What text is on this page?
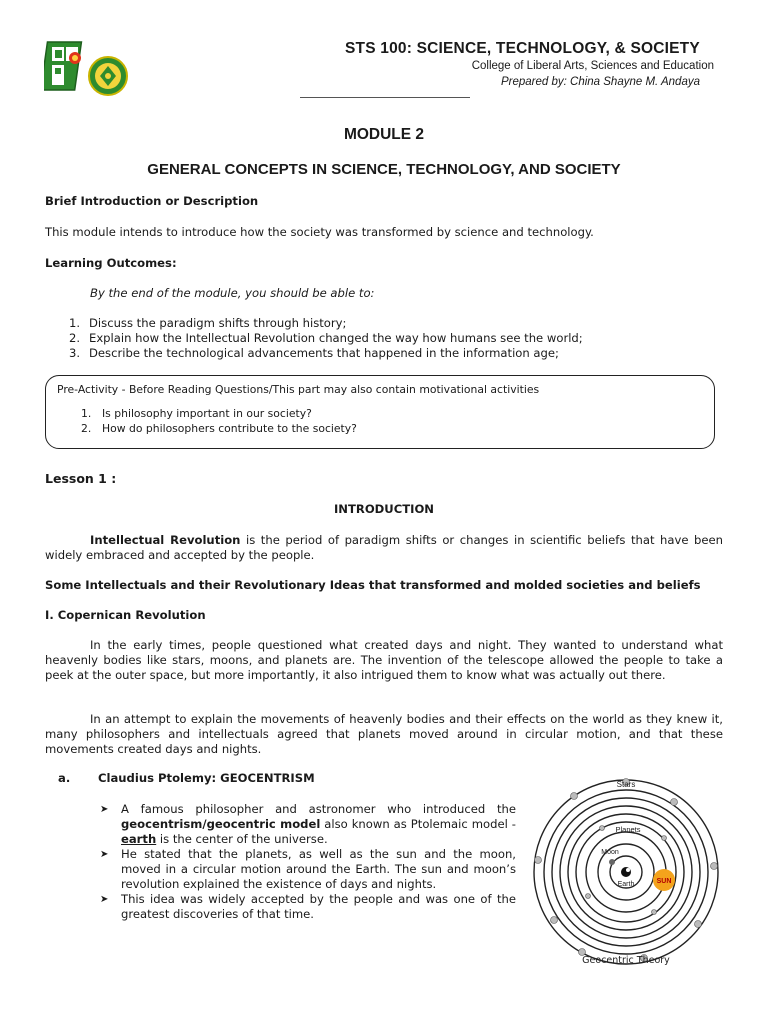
STS 100: SCIENCE, TECHNOLOGY, & SOCIETY
College of Liberal Arts, Sciences and Education
Prepared by: China Shayne M. Andaya
MODULE 2
GENERAL CONCEPTS IN SCIENCE, TECHNOLOGY, AND SOCIETY
Brief Introduction or Description
This module intends to introduce how the society was transformed by science and technology.
Learning Outcomes:
By the end of the module, you should be able to:
1. Discuss the paradigm shifts through history;
2. Explain how the Intellectual Revolution changed the way how humans see the world;
3. Describe the technological advancements that happened in the information age;
Pre-Activity - Before Reading Questions/This part may also contain motivational activities
1. Is philosophy important in our society?
2. How do philosophers contribute to the society?
Lesson 1 :
INTRODUCTION
Intellectual Revolution is the period of paradigm shifts or changes in scientific beliefs that have been widely embraced and accepted by the people.
Some Intellectuals and their Revolutionary Ideas that transformed and molded societies and beliefs
I. Copernican Revolution
In the early times, people questioned what created days and night. They wanted to understand what heavenly bodies like stars, moons, and planets are. The invention of the telescope allowed the people to take a peek at the outer space, but more importantly, it also intrigued them to know what was actually out there.
In an attempt to explain the movements of heavenly bodies and their effects on the world as they knew it, many philosophers and intellectuals agreed that planets moved around in circular motion, and that these movements created days and nights.
a. Claudius Ptolemy: GEOCENTRISM
➤ A famous philosopher and astronomer who introduced the geocentrism/geocentric model also known as Ptolemaic model - earth is the center of the universe.
➤ He stated that the planets, as well as the sun and the moon, moved in a circular motion around the Earth. The sun and moon’s revolution explained the existence of days and nights.
➤ This idea was widely accepted by the people and was one of the greatest discoveries of that time.
Stars
Planets
Moon
Earth	SUN
Geocentric Theory
